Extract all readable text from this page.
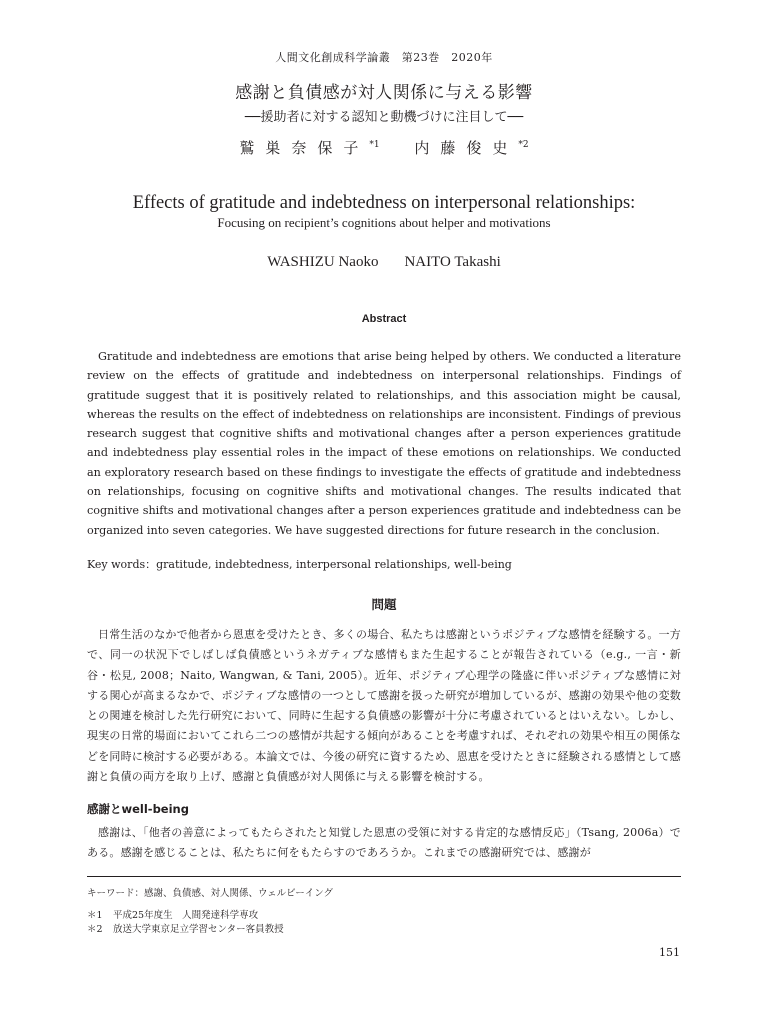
人間文化創成科学論叢　第23巻　2020年
感謝と負債感が対人関係に与える影響
──援助者に対する認知と動機づけに注目して──
鷲巣奈保子$^{*1}$ 内藤俊史$^{*2}$
Effects of gratitude and indebtedness on interpersonal relationships:
Focusing on recipient’s cognitions about helper and motivations
WASHIZU Naoko NAITO Takashi
Abstract
Gratitude and indebtedness are emotions that arise being helped by others. We conducted a literature review on the effects of gratitude and indebtedness on interpersonal relationships. Findings of gratitude suggest that it is positively related to relationships, and this association might be causal, whereas the results on the effect of indebtedness on relationships are inconsistent. Findings of previous research suggest that cognitive shifts and motivational changes after a person experiences gratitude and indebtedness play essential roles in the impact of these emotions on relationships. We conducted an exploratory research based on these findings to investigate the effects of gratitude and indebtedness on relationships, focusing on cognitive shifts and motivational changes. The results indicated that cognitive shifts and motivational changes after a person experiences gratitude and indebtedness can be organized into seven categories. We have suggested directions for future research in the conclusion.
Key words：gratitude, indebtedness, interpersonal relationships, well-being
問題
日常生活のなかで他者から恩恵を受けたとき、多くの場合、私たちは感謝というポジティブな感情を経験する。一方で、同一の状況下でしばしば負債感というネガティブな感情もまた生起することが報告されている（e.g., 一言・新谷・松見, 2008；Naito, Wangwan, & Tani, 2005）。近年、ポジティブ心理学の隆盛に伴いポジティブな感情に対する関心が高まるなかで、ポジティブな感情の一つとして感謝を扱った研究が増加しているが、感謝の効果や他の変数との関連を検討した先行研究において、同時に生起する負債感の影響が十分に考慮されているとはいえない。しかし、現実の日常的場面においてこれら二つの感情が共起する傾向があることを考慮すれば、それぞれの効果や相互の関係などを同時に検討する必要がある。本論文では、今後の研究に資するため、恩恵を受けたときに経験される感情として感謝と負債の両方を取り上げ、感謝と負債感が対人関係に与える影響を検討する。
感謝とwell-being
感謝は、「他者の善意によってもたらされたと知覚した恩恵の受領に対する肯定的な感情反応」（Tsang, 2006a）である。感謝を感じることは、私たちに何をもたらすのであろうか。これまでの感謝研究では、感謝が
キーワード：感謝、負債感、対人関係、ウェルビーイング
＊1 平成25年度生　人間発達科学専攻
＊2 放送大学東京足立学習センター客員教授
151
